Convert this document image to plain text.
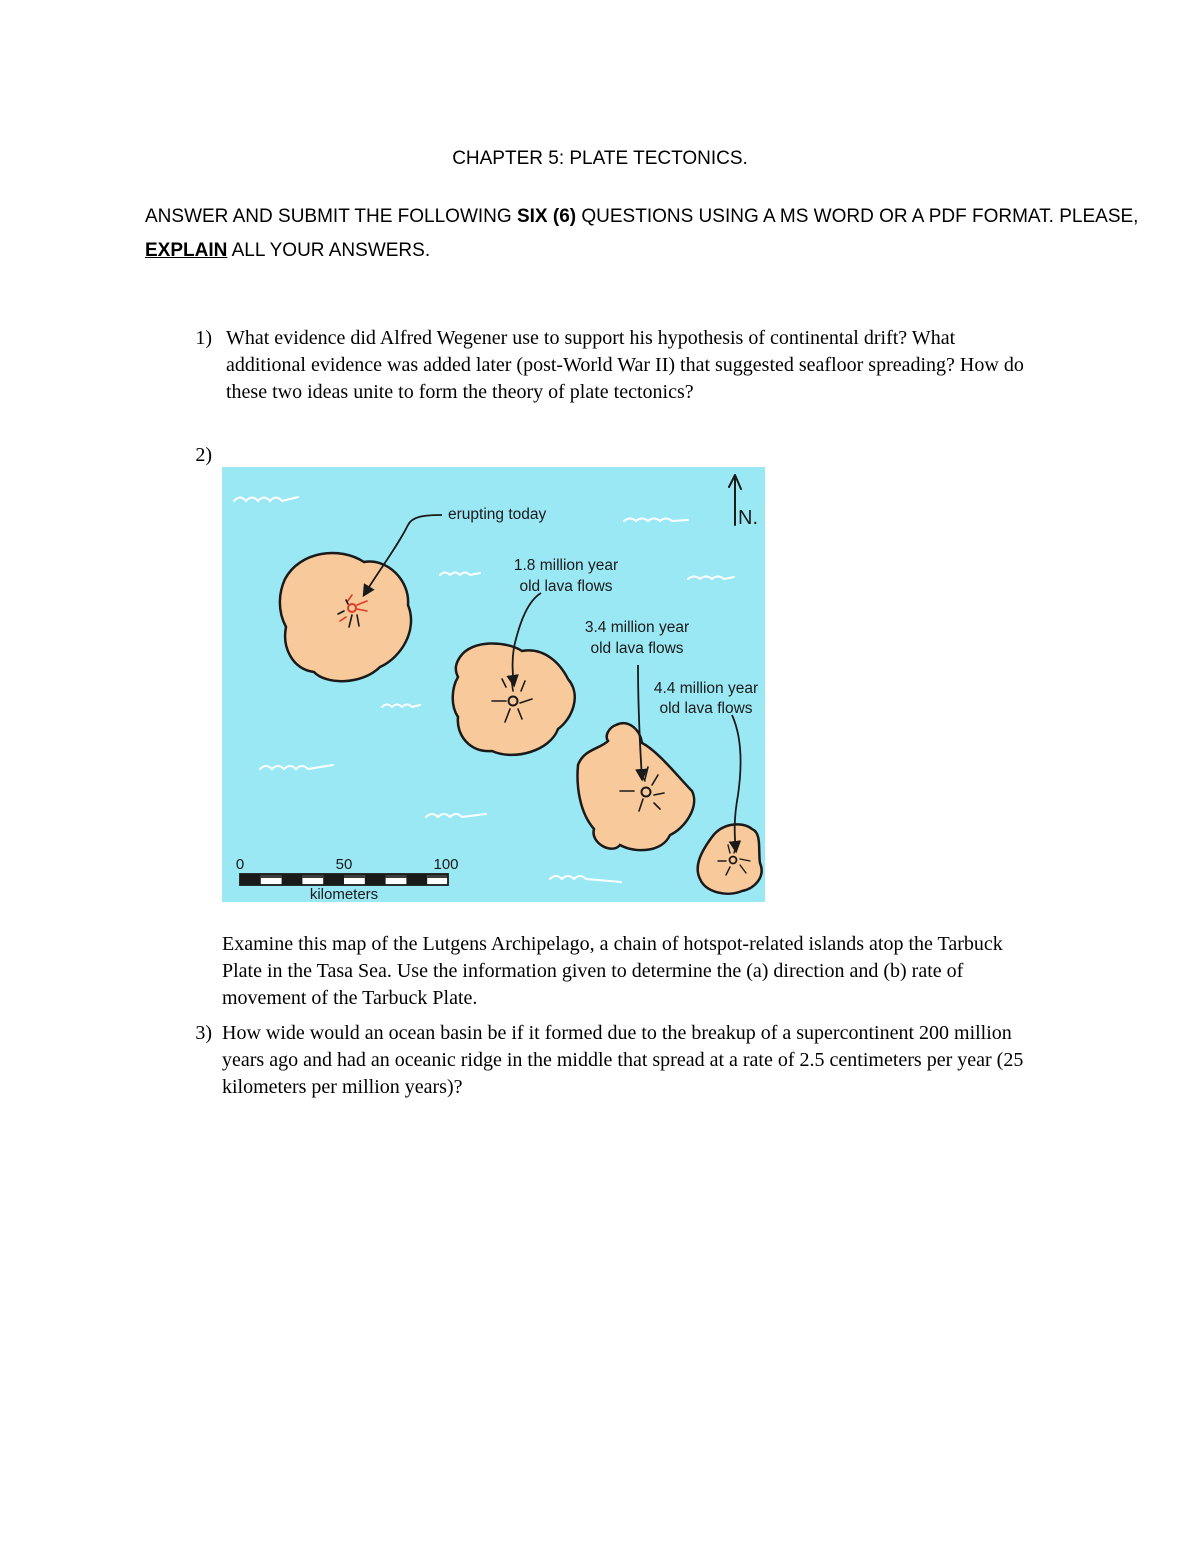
CHAPTER 5: PLATE TECTONICS.
ANSWER AND SUBMIT THE FOLLOWING SIX (6) QUESTIONS USING A MS WORD OR A PDF FORMAT. PLEASE,
EXPLAIN ALL YOUR ANSWERS.
1) What evidence did Alfred Wegener use to support his hypothesis of continental drift? What
additional evidence was added later (post-World War II) that suggested seafloor spreading? How do
these two ideas unite to form the theory of plate tectonics?
2)
erupting today
1.8 million year
old lava flows
3.4 million year
old lava flows
4.4 million year
old lava flows
N.
0	50	100
kilometers
Examine this map of the Lutgens Archipelago, a chain of hotspot-related islands atop the Tarbuck
Plate in the Tasa Sea. Use the information given to determine the (a) direction and (b) rate of
movement of the Tarbuck Plate.
3) How wide would an ocean basin be if it formed due to the breakup of a supercontinent 200 million
years ago and had an oceanic ridge in the middle that spread at a rate of 2.5 centimeters per year (25
kilometers per million years)?
